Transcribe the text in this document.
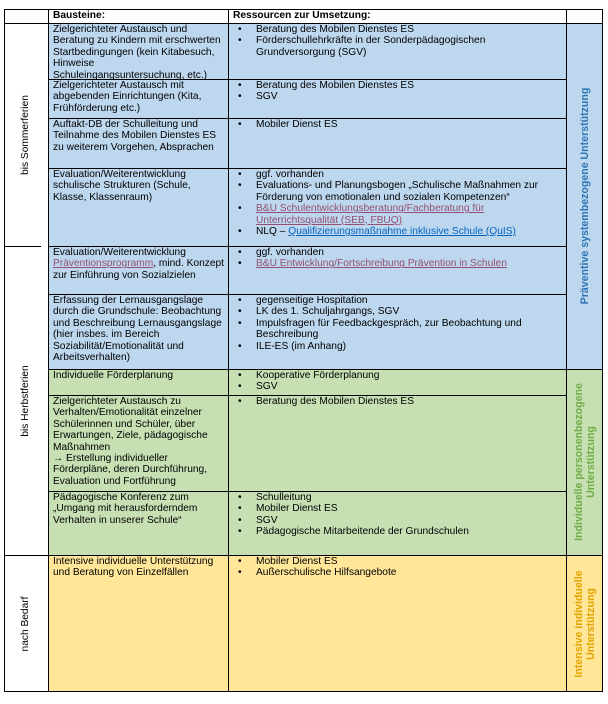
Bausteine:	Ressourcen zur Umsetzung:
bis Sommerferien
bis Herbstferien
nach Bedarf
Zielgerichteter Austausch und Beratung zu Kindern mit erschwerten Startbedingungen (kein Kitabesuch, Hinweise Schuleingangsuntersuchung, etc.)
• Beratung des Mobilen Dienstes ES
• Förderschullehrkräfte in der Sonderpädagogischen Grundversorgung (SGV)
Zielgerichteter Austausch mit abgebenden Einrichtungen (Kita, Frühförderung etc.)
• Beratung des Mobilen Dienstes ES
• SGV
Auftakt-DB der Schulleitung und Teilnahme des Mobilen Dienstes ES zu weiterem Vorgehen, Absprachen
• Mobiler Dienst ES
Evaluation/Weiterentwicklung schulische Strukturen (Schule, Klasse, Klassenraum)
• ggf. vorhanden
• Evaluations- und Planungsbogen „Schulische Maßnahmen zur Förderung von emotionalen und sozialen Kompetenzen“
• B&U Schulentwicklungsberatung/Fachberatung für Unterrichtsqualität (SEB, FBUQ)
• NLQ – Qualifizierungsmaßnahme inklusive Schule (QuIS)
Evaluation/Weiterentwicklung Präventionsprogramm, mind. Konzept zur Einführung von Sozialzielen
• ggf. vorhanden
• B&U Entwicklung/Fortschreibung Prävention in Schulen
Erfassung der Lernausgangslage durch die Grundschule: Beobachtung und Beschreibung Lernausgangslage (hier insbes. im Bereich Soziabilität/Emotionalität und Arbeitsverhalten)
• gegenseitige Hospitation
• LK des 1. Schuljahrgangs, SGV
• Impulsfragen für Feedbackgespräch, zur Beobachtung und Beschreibung
• ILE-ES (im Anhang)
Individuelle Förderplanung
•	Kooperative Förderplanung
• SGV
Zielgerichteter Austausch zu Verhalten/Emotionalität einzelner Schülerinnen und Schüler, über Erwartungen, Ziele, pädagogische Maßnahmen
→ Erstellung individueller Förderpläne, deren Durchführung, Evaluation und Fortführung
• Beratung des Mobilen Dienstes ES
Pädagogische Konferenz zum „Umgang mit herausforderndem Verhalten in unserer Schule“
• Schulleitung
• Mobiler Dienst ES
• SGV
• Pädagogische Mitarbeitende der Grundschulen
Intensive individuelle Unterstützung und Beratung von Einzelfällen
• Mobiler Dienst ES
• Außerschulische Hilfsangebote
Präventive systembezogene Unterstützung
Individuelle personenbezogene
Unterstützung
Intensive individuelle
Unterstützung
